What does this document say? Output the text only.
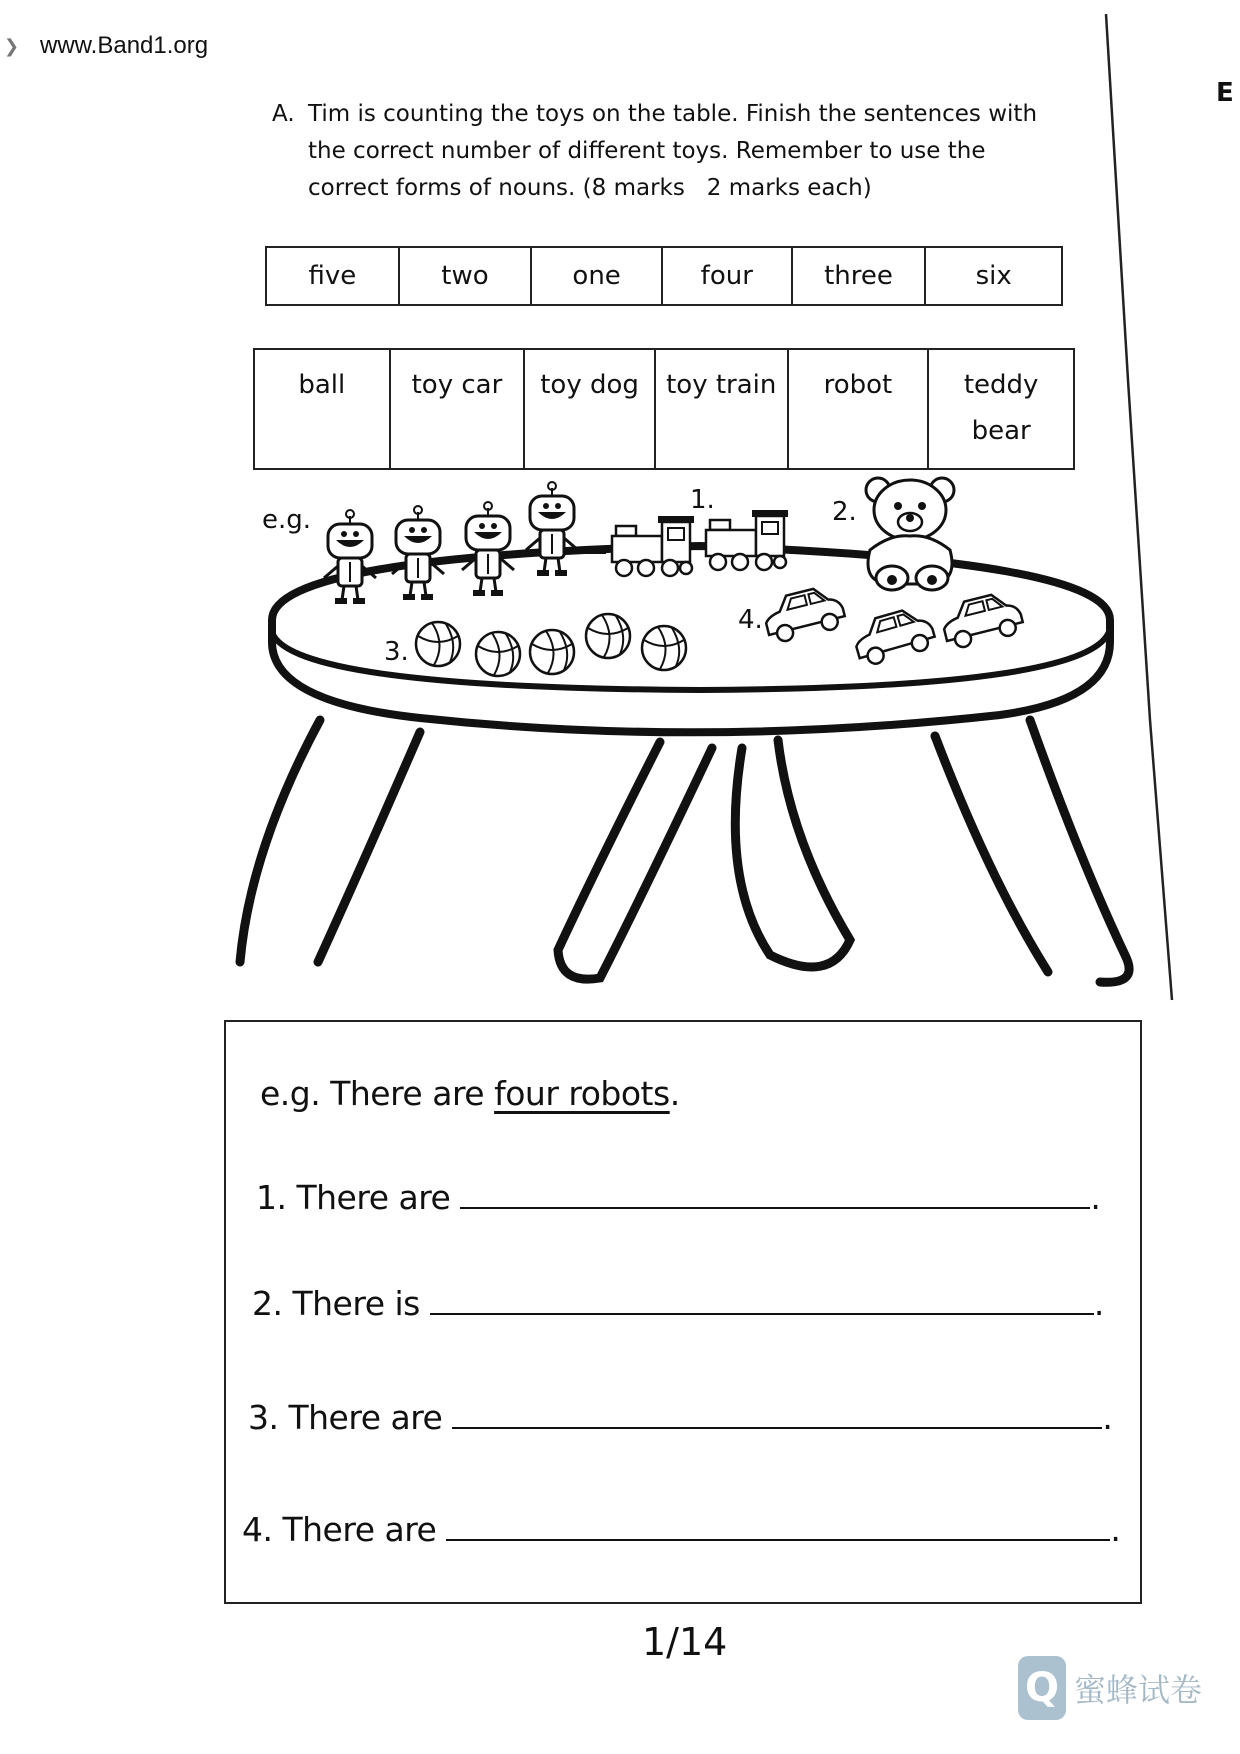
❯ www.Band1.org
E
A. Tim is counting the toys on the table. Finish the sentences with
the correct number of different toys. Remember to use the
correct forms of nouns. (8 marks   2 marks each)
five	two	one	four	three	six
ball	toy car	toy dog	toy train	robot	teddy
bear
e.g.
1.	2.
3.
4.
e.g. There are four robots.
1. There are	.
2. There is	.
3. There are	.
4. There are	.
1/14
Q 蜜蜂试卷
